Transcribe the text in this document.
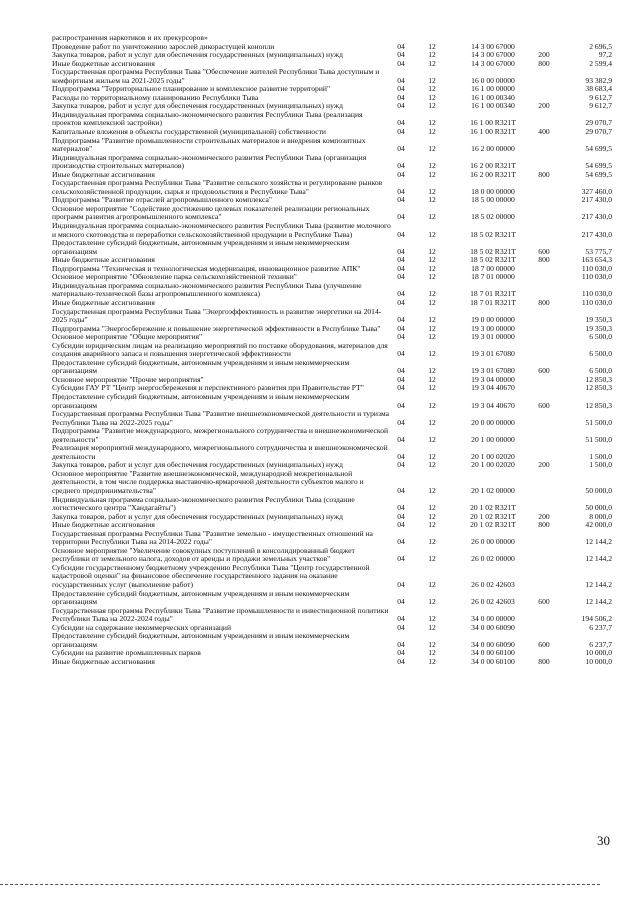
распространения наркотиков и их прекурсоров»
Проведение работ по уничтожению зарослей дикорастущей конопли	04	12	14 3 00 67000	2 696,5
Закупка товаров, работ и услуг для обеспечения государственных (муниципальных) нужд	04	12	14 3 00 67000	200	97,2
Иные бюджетные ассигнования	04	12	14 3 00 67000	800	2 599,4
Государственная программа Республики Тыва "Обеспечение жителей Республики Тыва доступным и комфортным жильем на 2021-2025 годы"	04	12	16 0 00 00000	93 382,9
Подпрограмма "Территориальное планирование и комплексное развитие территорий"	04	12	16 1 00 00000	38 683,4
Расходы по территориальному планированию Республики Тыва	04	12	16 1 00 00340	9 612,7
Закупка товаров, работ и услуг для обеспечения государственных (муниципальных) нужд	04	12	16 1 00 00340	200	9 612,7
Индивидуальная программа социально-экономического развития Республики Тыва (реализация проектов комплексной застройки)	04	12	16 1 00 R321T	29 070,7
Капитальные вложения в объекты государственной (муниципальной) собственности	04	12	16 1 00 R321T	400	29 070,7
Подпрограмма "Развитие промышленности строительных материалов и внедрения композитных материалов"	04	12	16 2 00 00000	54 699,5
Индивидуальная программа социально-экономического развития Республики Тыва (организация производства строительных материалов)	04	12	16 2 00 R321T	54 699,5
Иные бюджетные ассигнования	04	12	16 2 00 R321T	800	54 699,5
Государственная программа Республики Тыва "Развитие сельского хозяйства и регулирование рынков сельскохозяйственной продукции, сырья и продовольствия в Республике Тыва"	04	12	18 0 00 00000	327 460,0
Подпрограмма "Развитие отраслей агропромышленного комплекса"	04	12	18 5 00 00000	217 430,0
Основное мероприятие "Содействие достижению целевых показателей реализации региональных программ развития агропромышленного комплекса"	04	12	18 5 02 00000	217 430,0
Индивидуальная программа социально-экономического развития Республики Тыва (развитие молочного и мясного скотоводства и переработки сельскохозяйственной продукции в Республике Тыва)	04	12	18 5 02 R321T	217 430,0
Предоставление субсидий бюджетным, автономным учреждениям и иным некоммерческим организациям	04	12	18 5 02 R321T	600	53 775,7
Иные бюджетные ассигнования	04	12	18 5 02 R321T	800	163 654,3
Подпрограмма "Техническая и технологическая модернизация, инновационное развитие АПК"	04	12	18 7 00 00000	110 030,0
Основное мероприятие "Обновление парка сельскохозяйственной техники"	04	12	18 7 01 00000	110 030,0
Индивидуальная программа социально-экономического развития Республики Тыва (улучшение материально-технической базы агропромышленного комплекса)	04	12	18 7 01 R321T	110 030,0
Иные бюджетные ассигнования	04	12	18 7 01 R321T	800	110 030,0
Государственная программа Республики Тыва "Энергоэффективность и развитие энергетики на 2014-2025 годы"	04	12	19 0 00 00000	19 350,3
Подпрограмма "Энергосбережение и повышение энергетической эффективности в Республике Тыва"	04	12	19 3 00 00000	19 350,3
Основное мероприятие "Общие мероприятия"	04	12	19 3 01 00000	6 500,0
Субсидии юридическим лицам на реализацию мероприятий по поставке оборудования, материалов для создания аварийного запаса и повышения энергетической эффективности	04	12	19 3 01 67080	6 500,0
Предоставление субсидий бюджетным, автономным учреждениям и иным некоммерческим организациям	04	12	19 3 01 67080	600	6 500,0
Основное мероприятие "Прочие мероприятия"	04	12	19 3 04 00000	12 850,3
Субсидии ГАУ РТ "Центр энергосбережения и перспективного развития при Правительстве РТ"	04	12	19 3 04 40670	12 850,3
Предоставление субсидий бюджетным, автономным учреждениям и иным некоммерческим организациям	04	12	19 3 04 40670	600	12 850,3
Государственная программа Республики Тыва "Развитие внешнеэкономической деятельности и туризма Республики Тыва на 2022-2025 годы"	04	12	20 0 00 00000	51 500,0
Подпрограмма "Развитие международного, межрегионального сотрудничества и внешнеэкономической деятельности"	04	12	20 1 00 00000	51 500,0
Реализация мероприятий международного, межрегионального сотрудничества и внешнеэкономической деятельности	04	12	20 1 00 02020	1 500,0
Закупка товаров, работ и услуг для обеспечения государственных (муниципальных) нужд	04	12	20 1 00 02020	200	1 500,0
Основное мероприятие "Развитие внешнеэкономической, международной межрегиональной деятельности, в том числе поддержка выставочно-ярмарочной деятельности субъектов малого и среднего предпринимательства"	04	12	20 1 02 00000	50 000,0
Индивидуальная программа социально-экономического развития Республики Тыва (создание логистического центра "Хандагайты")	04	12	20 1 02 R321T	50 000,0
Закупка товаров, работ и услуг для обеспечения государственных (муниципальных) нужд	04	12	20 1 02 R321T	200	8 000,0
Иные бюджетные ассигнования	04	12	20 1 02 R321T	800	42 000,0
Государственная программа Республики Тыва "Развитие земельно - имущественных отношений на территории Республики Тыва на 2014-2022 годы"	04	12	26 0 00 00000	12 144,2
Основное мероприятие "Увеличение совокупных поступлений в консолидированный бюджет республики от земельного налога, доходов от аренды и продажи земельных участков"	04	12	26 0 02 00000	12 144,2
Субсидии государственному бюджетному учреждению Республики Тыва "Центр государственной кадастровой оценки" на финансовое обеспечение государственного задания на оказание государственных услуг (выполнение работ)	04	12	26 0 02 42603	12 144,2
Предоставление субсидий бюджетным, автономным учреждениям и иным некоммерческим организациям	04	12	26 0 02 42603	600	12 144,2
Государственная программа Республики Тыва "Развитие промышленности и инвестиционной политики Республики Тыва на 2022-2024 годы"	04	12	34 0 00 00000	194 506,2
Субсидии на содержание некоммерческих организаций	04	12	34 0 00 60090	6 237,7
Предоставление субсидий бюджетным, автономным учреждениям и иным некоммерческим организациям	04	12	34 0 00 60090	600	6 237,7
Субсидии на развитие промышленных парков	04	12	34 0 00 60100	10 000,0
Иные бюджетные ассигнования	04	12	34 0 00 60100	800	10 000,0
30
